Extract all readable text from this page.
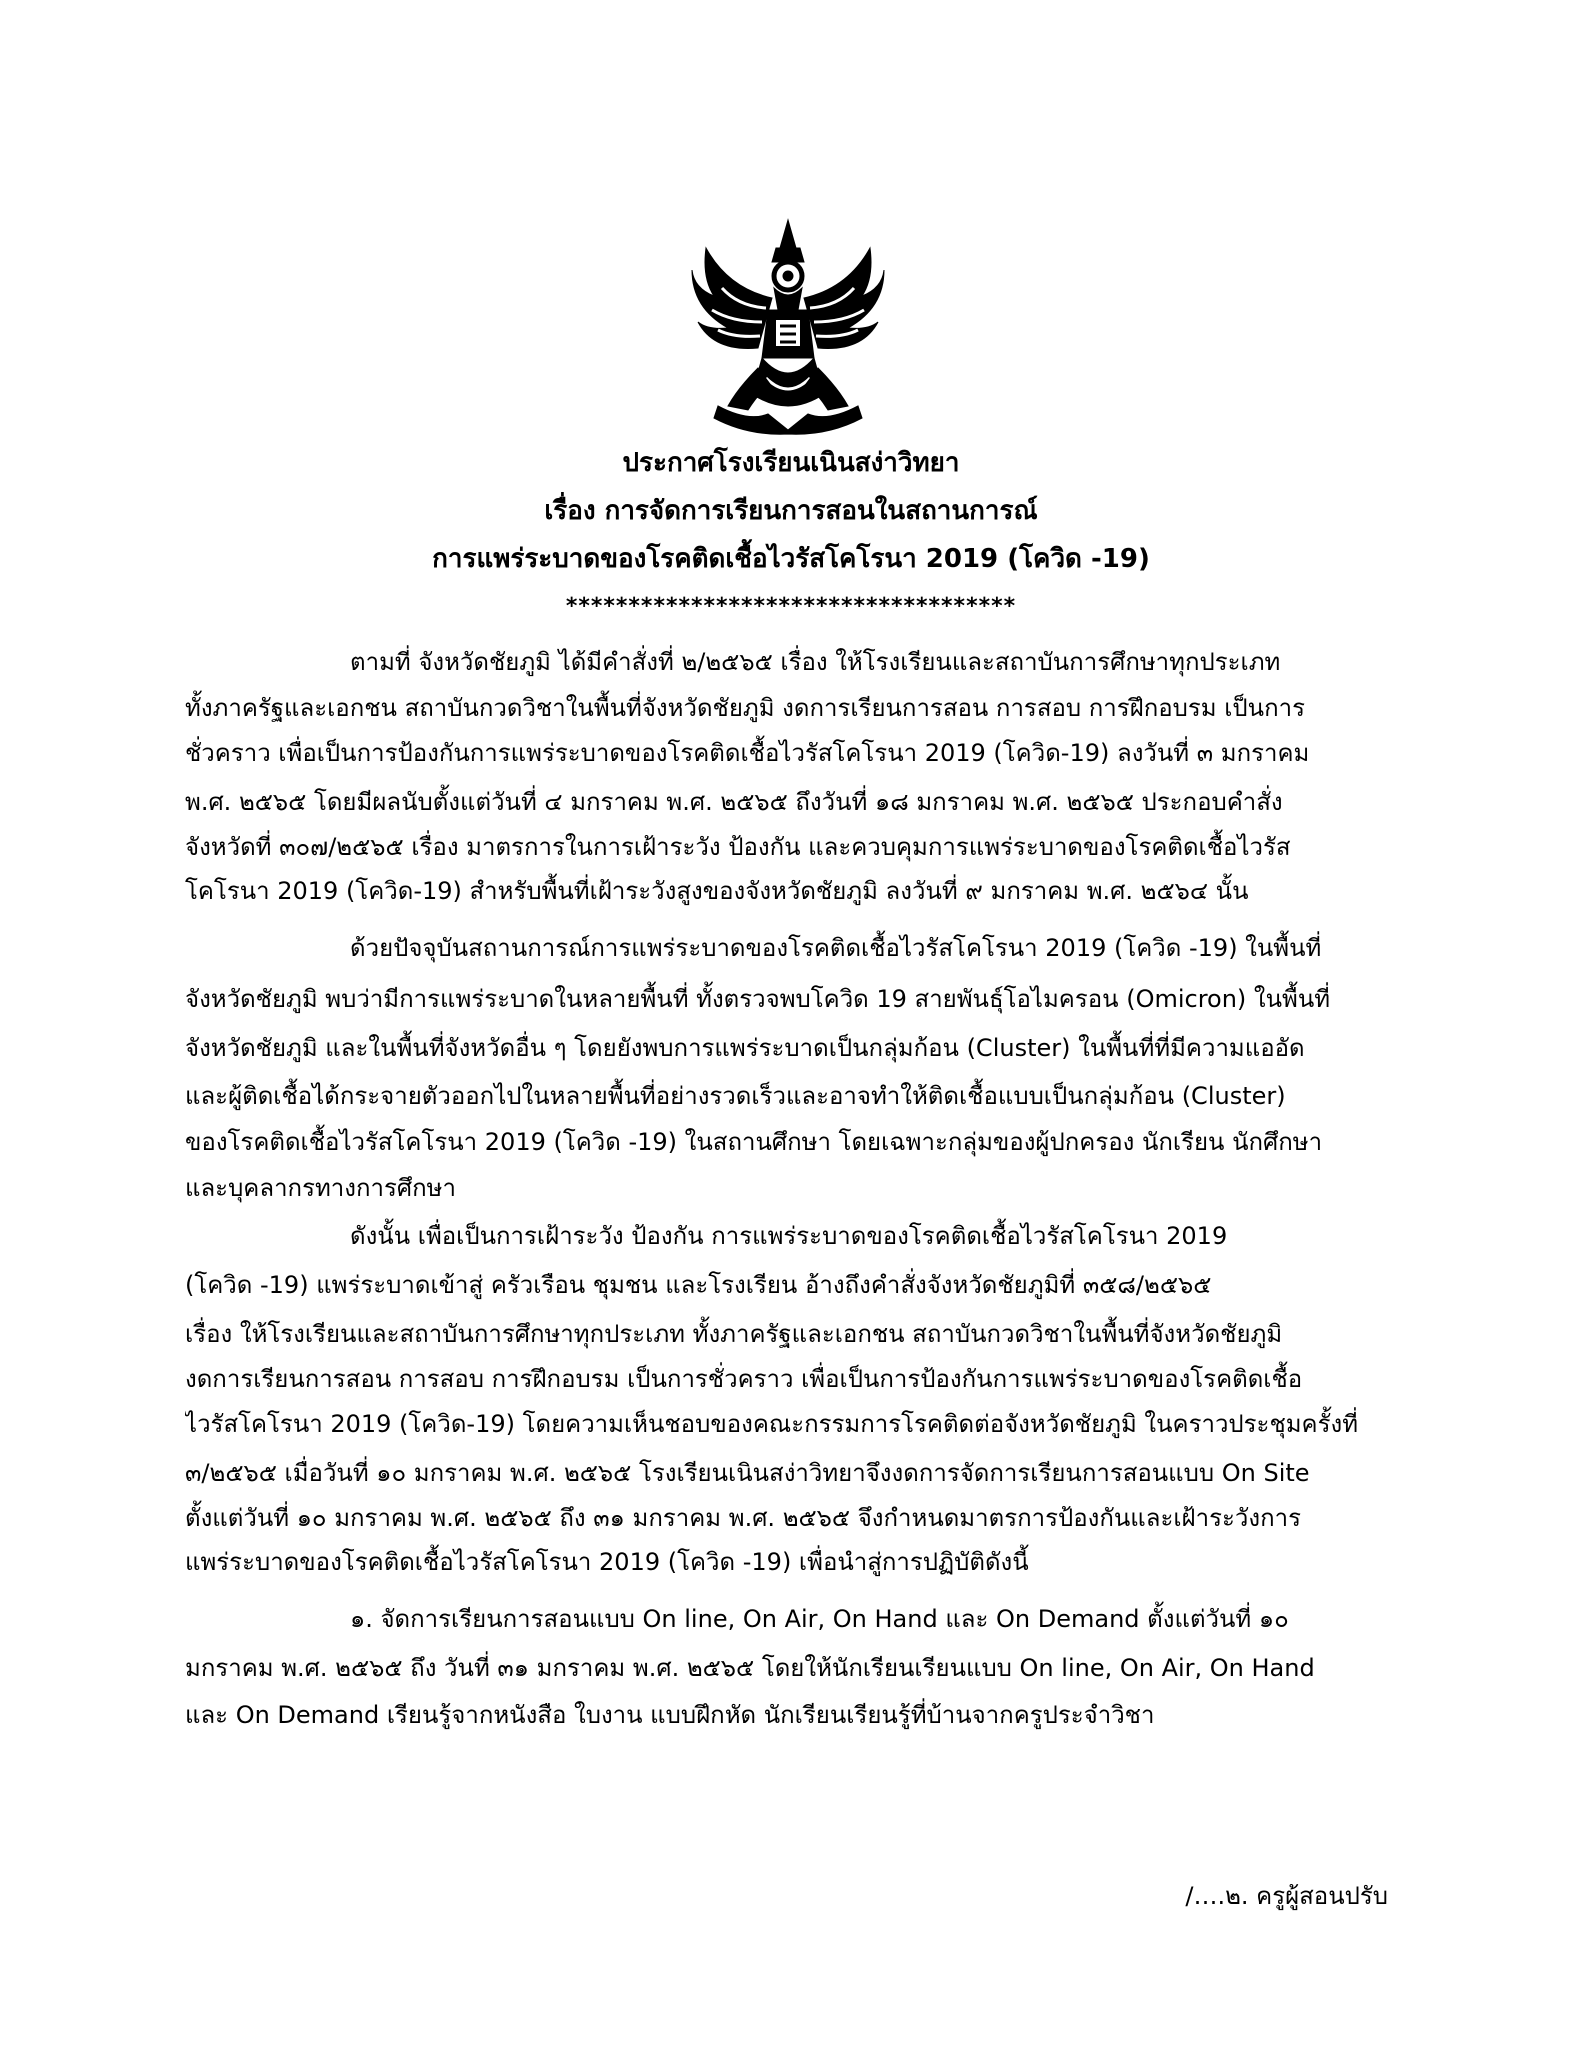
ประกาศโรงเรียนเนินสง่าวิทยา
เรื่อง การจัดการเรียนการสอนในสถานการณ์
การแพร่ระบาดของโรคติดเชื้อไวรัสโคโรนา 2019 (โควิด -19)
************************************
ตามที่ จังหวัดชัยภูมิ ได้มีคำสั่งที่ ๒/๒๕๖๕ เรื่อง ให้โรงเรียนและสถาบันการศึกษาทุกประเภท
ทั้งภาครัฐและเอกชน สถาบันกวดวิชาในพื้นที่จังหวัดชัยภูมิ งดการเรียนการสอน การสอบ การฝึกอบรม เป็นการ
ชั่วคราว เพื่อเป็นการป้องกันการแพร่ระบาดของโรคติดเชื้อไวรัสโคโรนา 2019 (โควิด-19) ลงวันที่ ๓ มกราคม
พ.ศ. ๒๕๖๕ โดยมีผลนับตั้งแต่วันที่ ๔ มกราคม พ.ศ. ๒๕๖๕ ถึงวันที่ ๑๘ มกราคม พ.ศ. ๒๕๖๕ ประกอบคำสั่ง
จังหวัดที่ ๓๐๗/๒๕๖๕ เรื่อง มาตรการในการเฝ้าระวัง ป้องกัน และควบคุมการแพร่ระบาดของโรคติดเชื้อไวรัส
โคโรนา 2019 (โควิด-19) สำหรับพื้นที่เฝ้าระวังสูงของจังหวัดชัยภูมิ ลงวันที่ ๙ มกราคม พ.ศ. ๒๕๖๔ นั้น
ด้วยปัจจุบันสถานการณ์การแพร่ระบาดของโรคติดเชื้อไวรัสโคโรนา 2019 (โควิด -19) ในพื้นที่
จังหวัดชัยภูมิ พบว่ามีการแพร่ระบาดในหลายพื้นที่ ทั้งตรวจพบโควิด 19 สายพันธุ์โอไมครอน (Omicron) ในพื้นที่
จังหวัดชัยภูมิ และในพื้นที่จังหวัดอื่น ๆ โดยยังพบการแพร่ระบาดเป็นกลุ่มก้อน (Cluster) ในพื้นที่ที่มีความแออัด
และผู้ติดเชื้อได้กระจายตัวออกไปในหลายพื้นที่อย่างรวดเร็วและอาจทำให้ติดเชื้อแบบเป็นกลุ่มก้อน (Cluster)
ของโรคติดเชื้อไวรัสโคโรนา 2019 (โควิด -19) ในสถานศึกษา โดยเฉพาะกลุ่มของผู้ปกครอง นักเรียน นักศึกษา
และบุคลากรทางการศึกษา
ดังนั้น เพื่อเป็นการเฝ้าระวัง ป้องกัน การแพร่ระบาดของโรคติดเชื้อไวรัสโคโรนา 2019
(โควิด -19) แพร่ระบาดเข้าสู่ ครัวเรือน ชุมชน และโรงเรียน อ้างถึงคำสั่งจังหวัดชัยภูมิที่ ๓๕๘/๒๕๖๕
เรื่อง ให้โรงเรียนและสถาบันการศึกษาทุกประเภท ทั้งภาครัฐและเอกชน สถาบันกวดวิชาในพื้นที่จังหวัดชัยภูมิ
งดการเรียนการสอน การสอบ การฝึกอบรม เป็นการชั่วคราว เพื่อเป็นการป้องกันการแพร่ระบาดของโรคติดเชื้อ
ไวรัสโคโรนา 2019 (โควิด-19) โดยความเห็นชอบของคณะกรรมการโรคติดต่อจังหวัดชัยภูมิ ในคราวประชุมครั้งที่
๓/๒๕๖๕ เมื่อวันที่ ๑๐ มกราคม พ.ศ. ๒๕๖๕ โรงเรียนเนินสง่าวิทยาจึงงดการจัดการเรียนการสอนแบบ On Site
ตั้งแต่วันที่ ๑๐ มกราคม พ.ศ. ๒๕๖๕ ถึง ๓๑ มกราคม พ.ศ. ๒๕๖๕ จึงกำหนดมาตรการป้องกันและเฝ้าระวังการ
แพร่ระบาดของโรคติดเชื้อไวรัสโคโรนา 2019 (โควิด -19) เพื่อนำสู่การปฏิบัติดังนี้
๑. จัดการเรียนการสอนแบบ On line, On Air, On Hand และ On Demand ตั้งแต่วันที่ ๑๐
มกราคม พ.ศ. ๒๕๖๕ ถึง วันที่ ๓๑ มกราคม พ.ศ. ๒๕๖๕ โดยให้นักเรียนเรียนแบบ On line, On Air, On Hand
และ On Demand เรียนรู้จากหนังสือ ใบงาน แบบฝึกหัด นักเรียนเรียนรู้ที่บ้านจากครูประจำวิชา
/….๒. ครูผู้สอนปรับ
